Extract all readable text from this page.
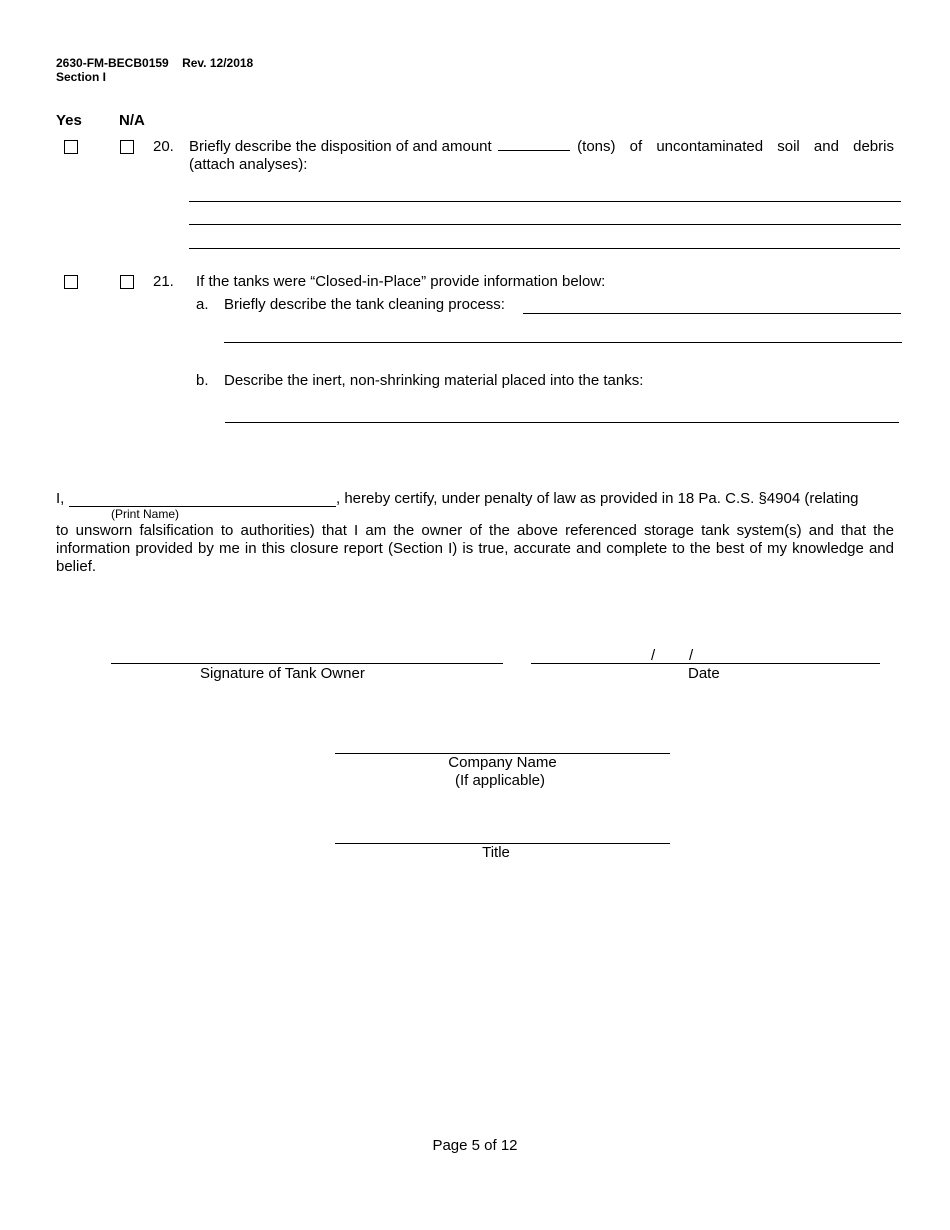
2630-FM-BECB0159 Rev. 12/2018
Section I
Yes N/A
20. Briefly describe the disposition of and amount	(tons) of uncontaminated soil and debris
(attach analyses):
21. If the tanks were “Closed-in-Place” provide information below:
a. Briefly describe the tank cleaning process:
b. Describe the inert, non-shrinking material placed into the tanks:
I,
(Print Name)
, hereby certify, under penalty of law as provided in 18 Pa. C.S. §4904 (relating
to unsworn falsification to authorities) that I am the owner of the above referenced storage tank system(s) and that the information provided by me in this closure report (Section I) is true, accurate and complete to the best of my knowledge and belief.
Signature of Tank Owner
/ /
Date
Company Name
(If applicable)
Title
Page 5 of 12
